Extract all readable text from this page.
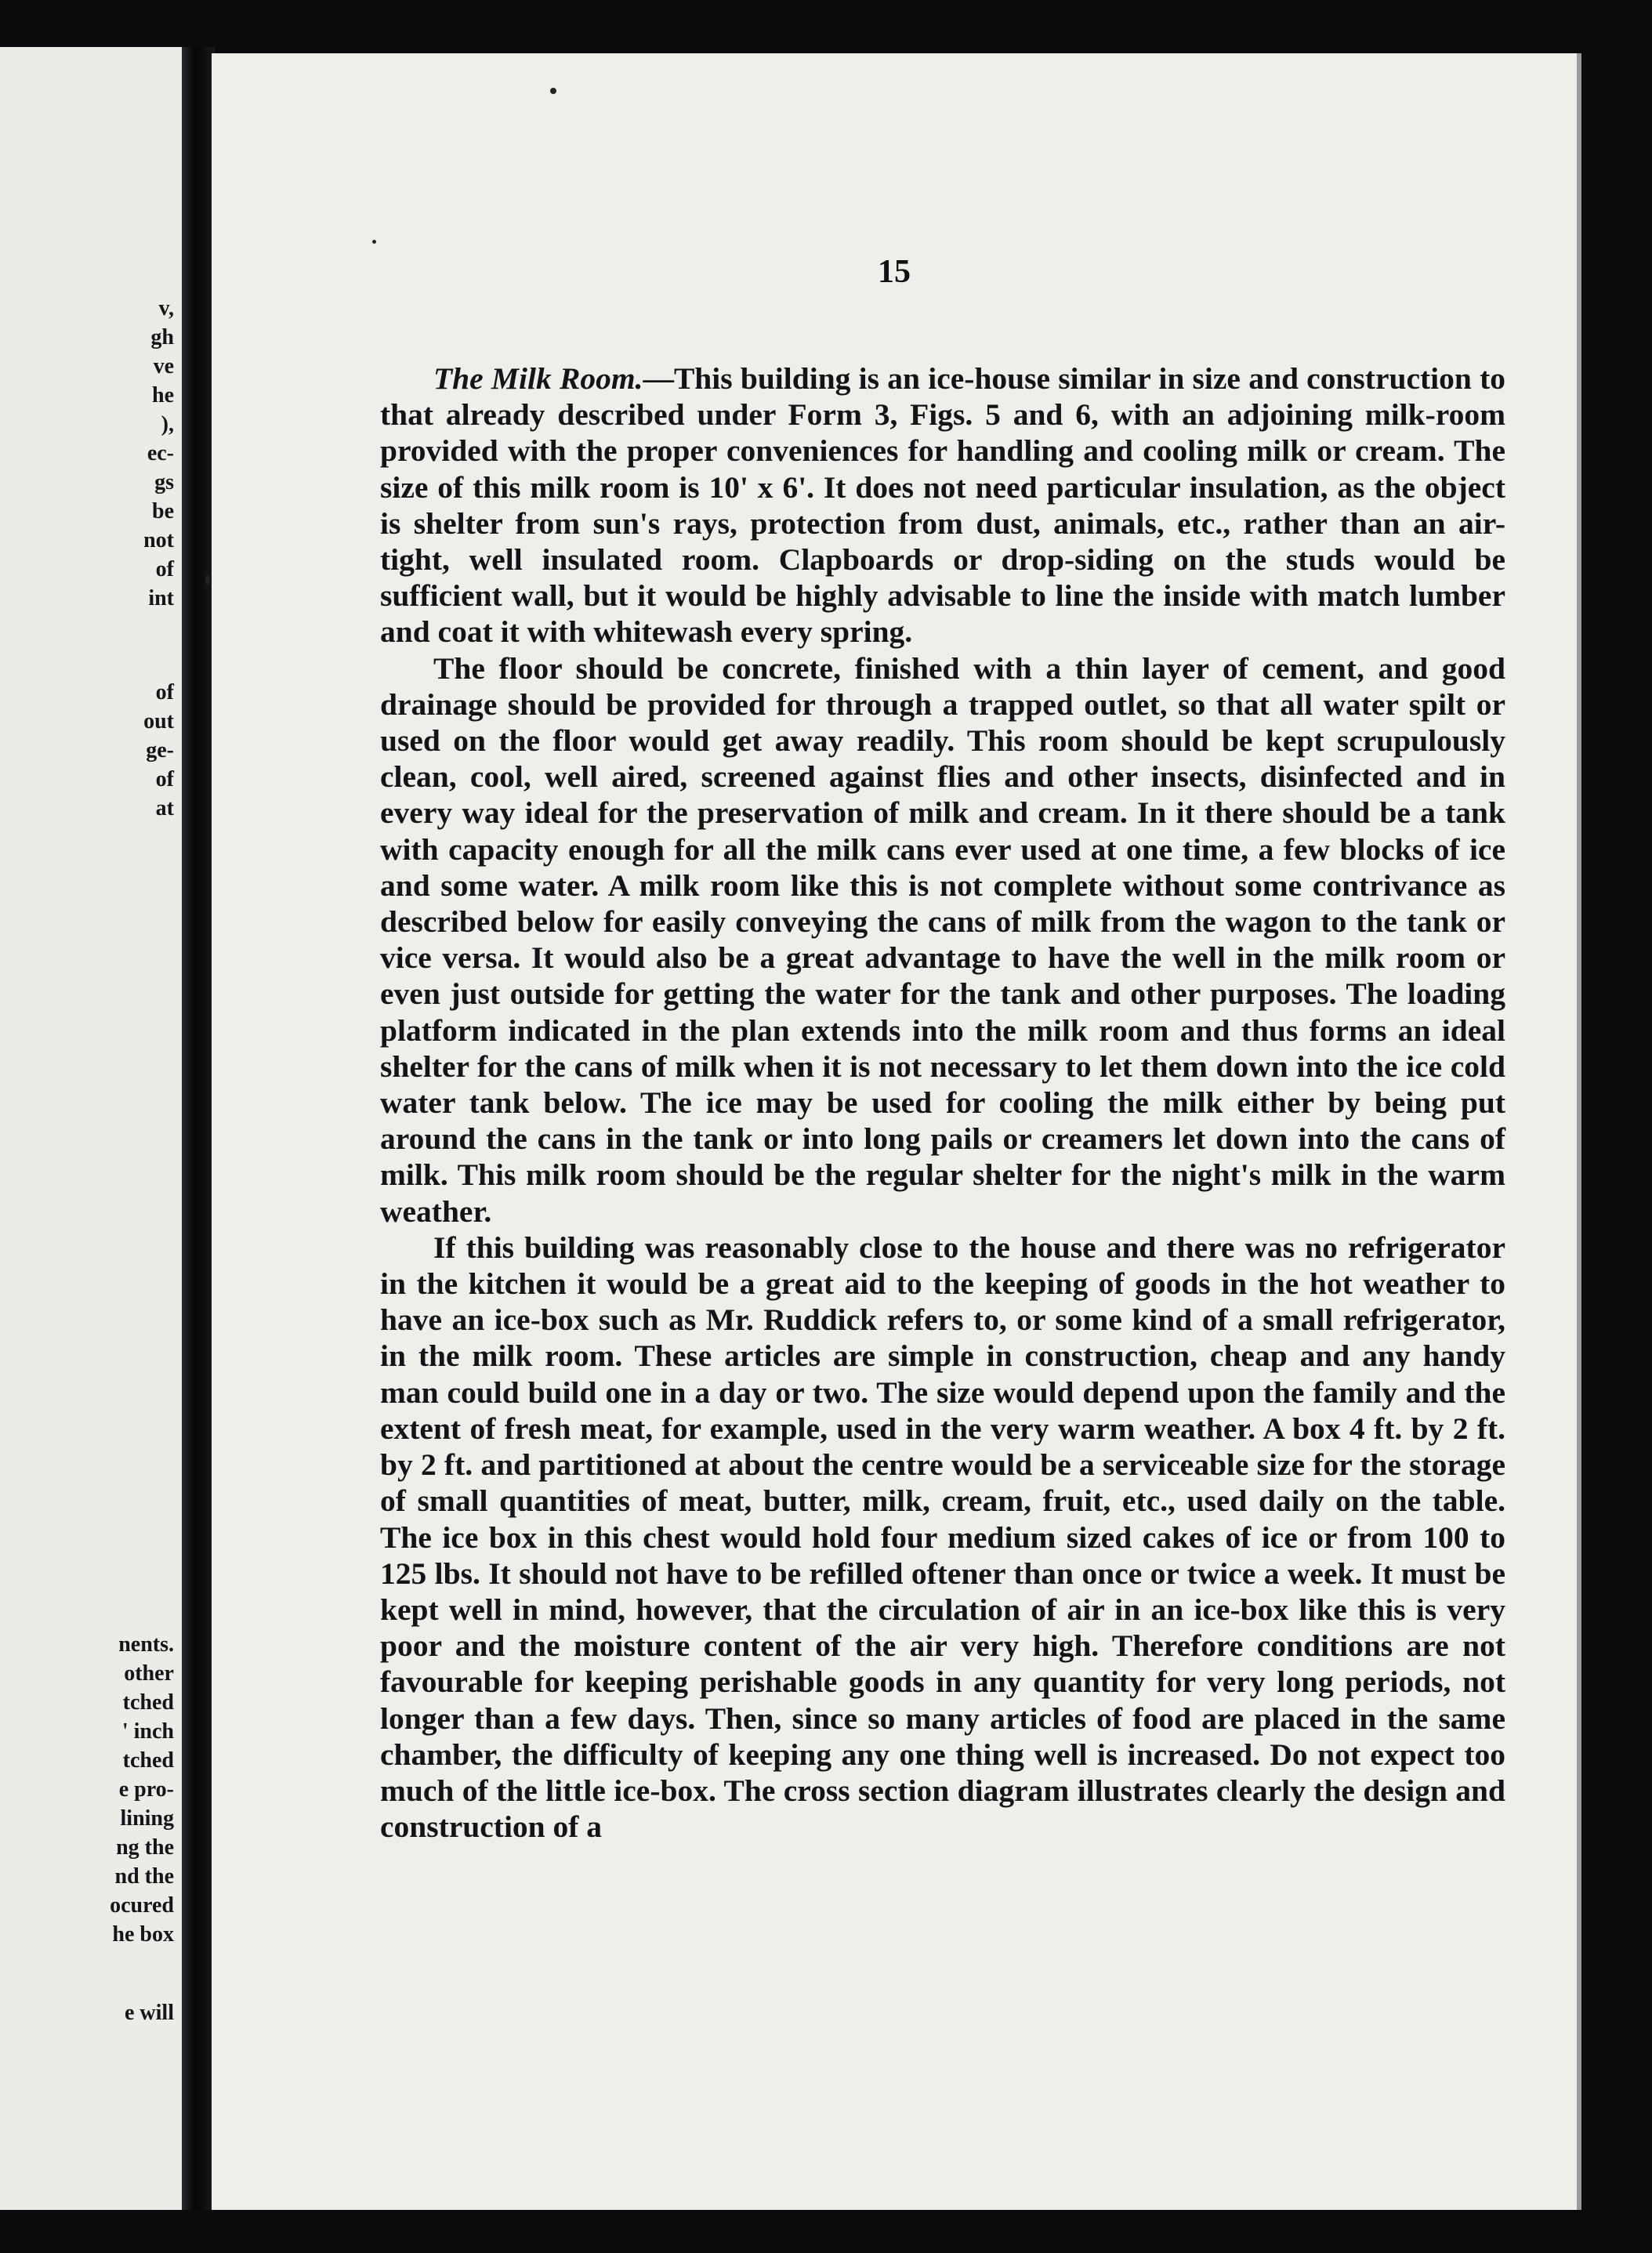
v,
gh
ve
he
),
ec-
gs
be
not
of
int
of
out
ge-
of
at
nents.
other
tched
' inch
tched
e pro-
lining
ng the
nd the
ocured
he box
e will

15

The Milk Room.—This building is an ice-house similar in size and construction to that already described under Form 3, Figs. 5 and 6, with an adjoining milk-room provided with the proper conveniences for handling and cooling milk or cream. The size of this milk room is 10' x 6'. It does not need particular insulation, as the object is shelter from sun's rays, protection from dust, animals, etc., rather than an air-tight, well insulated room. Clapboards or drop-siding on the studs would be sufficient wall, but it would be highly advisable to line the inside with match lumber and coat it with whitewash every spring.

The floor should be concrete, finished with a thin layer of cement, and good drainage should be provided for through a trapped outlet, so that all water spilt or used on the floor would get away readily. This room should be kept scrupulously clean, cool, well aired, screened against flies and other insects, disinfected and in every way ideal for the preservation of milk and cream. In it there should be a tank with capacity enough for all the milk cans ever used at one time, a few blocks of ice and some water. A milk room like this is not complete without some contrivance as described below for easily conveying the cans of milk from the wagon to the tank or vice versa. It would also be a great advantage to have the well in the milk room or even just outside for getting the water for the tank and other purposes. The loading platform indicated in the plan extends into the milk room and thus forms an ideal shelter for the cans of milk when it is not necessary to let them down into the ice cold water tank below. The ice may be used for cooling the milk either by being put around the cans in the tank or into long pails or creamers let down into the cans of milk. This milk room should be the regular shelter for the night's milk in the warm weather.

If this building was reasonably close to the house and there was no refrigerator in the kitchen it would be a great aid to the keeping of goods in the hot weather to have an ice-box such as Mr. Ruddick refers to, or some kind of a small refrigerator, in the milk room. These articles are simple in construction, cheap and any handy man could build one in a day or two. The size would depend upon the family and the extent of fresh meat, for example, used in the very warm weather. A box 4 ft. by 2 ft. by 2 ft. and partitioned at about the centre would be a serviceable size for the storage of small quantities of meat, butter, milk, cream, fruit, etc., used daily on the table. The ice box in this chest would hold four medium sized cakes of ice or from 100 to 125 lbs. It should not have to be refilled oftener than once or twice a week. It must be kept well in mind, however, that the circulation of air in an ice-box like this is very poor and the moisture content of the air very high. Therefore conditions are not favourable for keeping perishable goods in any quantity for very long periods, not longer than a few days. Then, since so many articles of food are placed in the same chamber, the difficulty of keeping any one thing well is increased. Do not expect too much of the little ice-box. The cross section diagram illustrates clearly the design and construction of a
